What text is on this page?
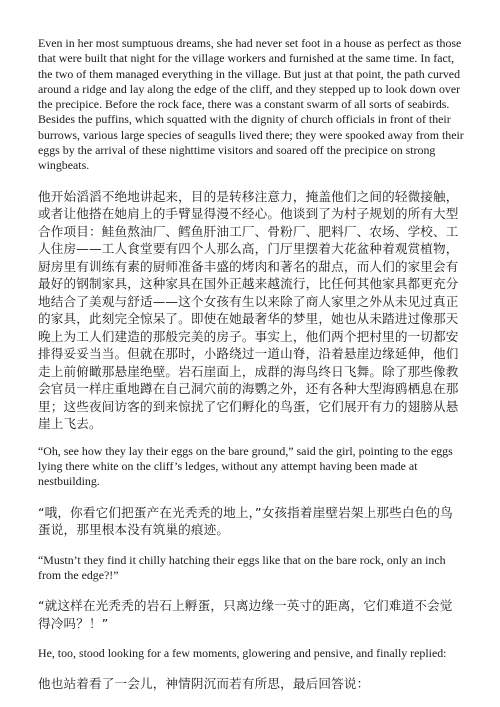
Even in her most sumptuous dreams, she had never set foot in a house as perfect as those that were built that night for the village workers and furnished at the same time. In fact, the two of them managed everything in the village. But just at that point, the path curved around a ridge and lay along the edge of the cliff, and they stepped up to look down over the precipice. Before the rock face, there was a constant swarm of all sorts of seabirds. Besides the puffins, which squatted with the dignity of church officials in front of their burrows, various large species of seagulls lived there; they were spooked away from their eggs by the arrival of these nighttime visitors and soared off the precipice on strong wingbeats.

他开始滔滔不绝地讲起来，目的是转移注意力，掩盖他们之间的轻微接触，或者让他搭在她肩上的手臂显得漫不经心。他谈到了为村子规划的所有大型合作项目：鲑鱼熬油厂、鳕鱼肝油工厂、骨粉厂、肥料厂、农场、学校、工人住房——工人食堂要有四个人那么高，门厅里摆着大花盆种着观赏植物，厨房里有训练有素的厨师准备丰盛的烤肉和著名的甜点，而人们的家里会有最好的钢制家具，这种家具在国外正越来越流行，比任何其他家具都更充分地结合了美观与舒适——这个女孩有生以来除了商人家里之外从未见过真正的家具，此刻完全惊呆了。即使在她最奢华的梦里，她也从未踏进过像那天晚上为工人们建造的那般完美的房子。事实上，他们两个把村里的一切都安排得妥妥当当。但就在那时，小路绕过一道山脊，沿着悬崖边缘延伸，他们走上前俯瞰那悬崖绝壁。岩石崖面上，成群的海鸟终日飞舞。除了那些像教会官员一样庄重地蹲在自己洞穴前的海鹦之外，还有各种大型海鸥栖息在那里；这些夜间访客的到来惊扰了它们孵化的鸟蛋，它们展开有力的翅膀从悬崖上飞去。

“Oh, see how they lay their eggs on the bare ground,” said the girl, pointing to the eggs lying there white on the cliff’s ledges, without any attempt having been made at nestbuilding.

“哦，你看它们把蛋产在光秃秃的地上，”女孩指着崖壁岩架上那些白色的鸟蛋说，那里根本没有筑巢的痕迹。

“Mustn’t they find it chilly hatching their eggs like that on the bare rock, only an inch from the edge?!”

“就这样在光秃秃的岩石上孵蛋，只离边缘一英寸的距离，它们难道不会觉得冷吗？！”

He, too, stood looking for a few moments, glowering and pensive, and finally replied:

他也站着看了一会儿，神情阴沉而若有所思，最后回答说：
